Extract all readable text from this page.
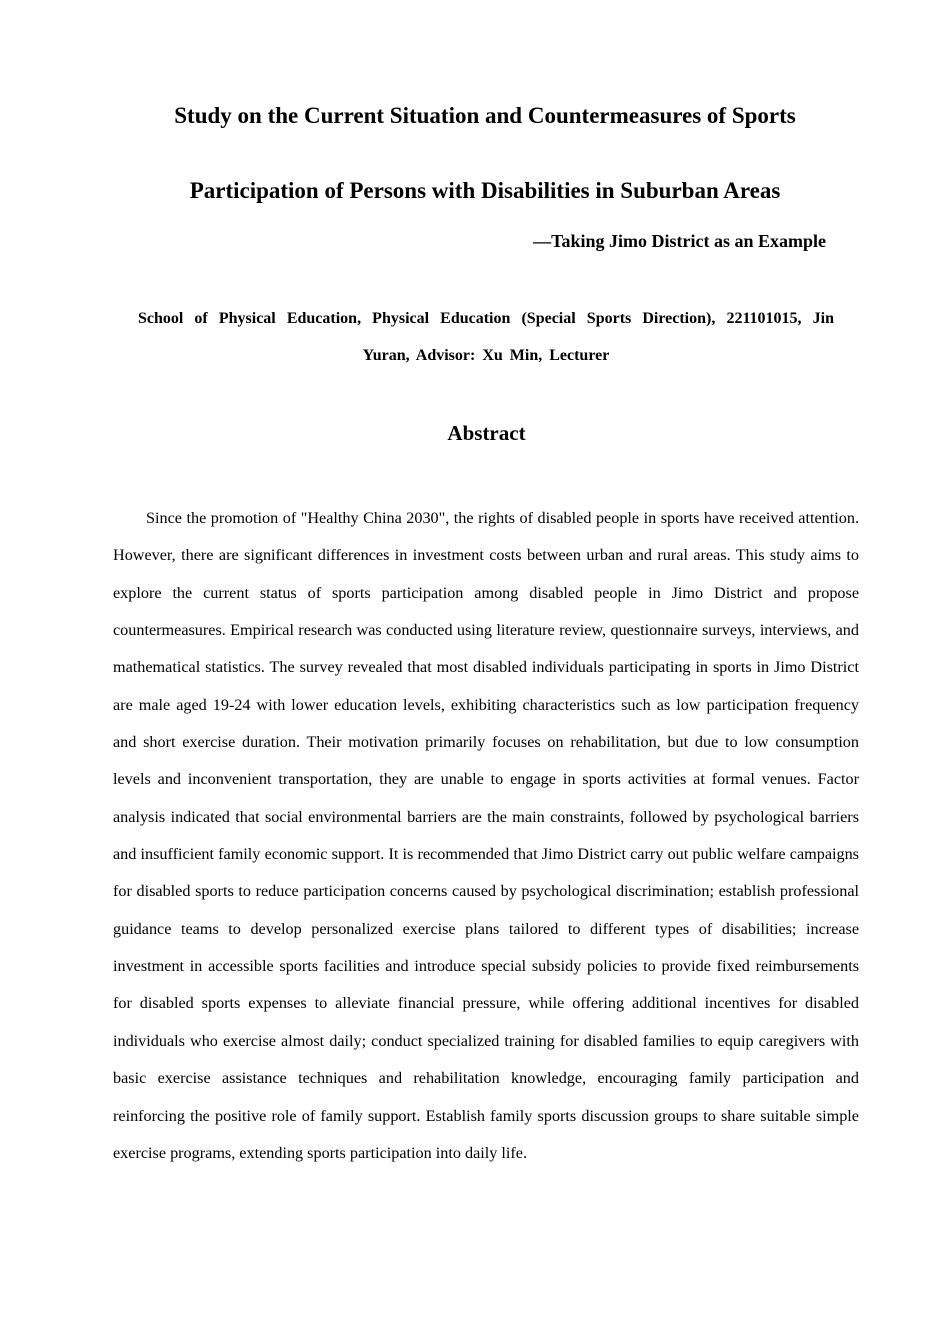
Study on the Current Situation and Countermeasures of Sports
Participation of Persons with Disabilities in Suburban Areas
—Taking Jimo District as an Example
School of Physical Education, Physical Education (Special Sports Direction), 221101015, Jin Yuran, Advisor: Xu Min, Lecturer
Abstract

Since the promotion of "Healthy China 2030", the rights of disabled people in sports have received attention. However, there are significant differences in investment costs between urban and rural areas. This study aims to explore the current status of sports participation among disabled people in Jimo District and propose countermeasures. Empirical research was conducted using literature review, questionnaire surveys, interviews, and mathematical statistics. The survey revealed that most disabled individuals participating in sports in Jimo District are male aged 19-24 with lower education levels, exhibiting characteristics such as low participation frequency and short exercise duration. Their motivation primarily focuses on rehabilitation, but due to low consumption levels and inconvenient transportation, they are unable to engage in sports activities at formal venues. Factor analysis indicated that social environmental barriers are the main constraints, followed by psychological barriers and insufficient family economic support. It is recommended that Jimo District carry out public welfare campaigns for disabled sports to reduce participation concerns caused by psychological discrimination; establish professional guidance teams to develop personalized exercise plans tailored to different types of disabilities; increase investment in accessible sports facilities and introduce special subsidy policies to provide fixed reimbursements for disabled sports expenses to alleviate financial pressure, while offering additional incentives for disabled individuals who exercise almost daily; conduct specialized training for disabled families to equip caregivers with basic exercise assistance techniques and rehabilitation knowledge, encouraging family participation and reinforcing the positive role of family support. Establish family sports discussion groups to share suitable simple exercise programs, extending sports participation into daily life.
